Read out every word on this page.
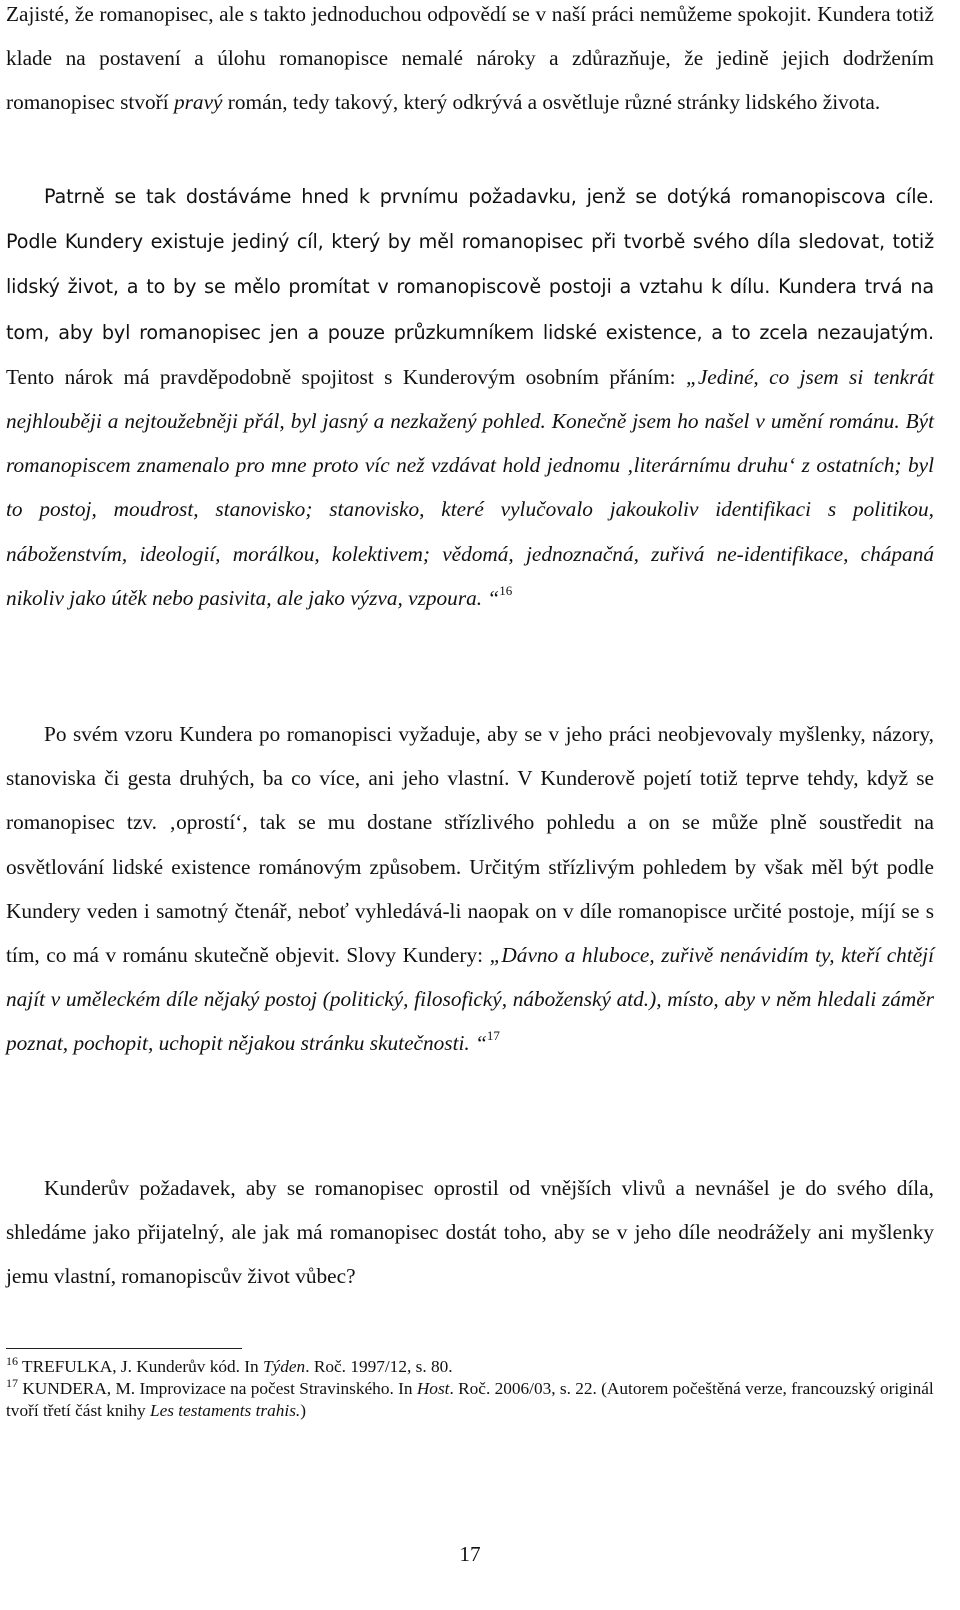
Zajisté, že romanopisec, ale s takto jednoduchou odpovědí se v naší práci nemůžeme spokojit. Kundera totiž klade na postavení a úlohu romanopisce nemalé nároky a zdůrazňuje, že jedině jejich dodržením romanopisec stvoří pravý román, tedy takový, který odkrývá a osvětluje různé stránky lidského života.

Patrně se tak dostáváme hned k prvnímu požadavku, jenž se dotýká romanopiscova cíle. Podle Kundery existuje jediný cíl, který by měl romanopisec při tvorbě svého díla sledovat, totiž lidský život, a to by se mělo promítat v romanopiscově postoji a vztahu k dílu. Kundera trvá na tom, aby byl romanopisec jen a pouze průzkumníkem lidské existence, a to zcela nezaujatým. Tento nárok má pravděpodobně spojitost s Kunderovým osobním přáním: „Jediné, co jsem si tenkrát nejhlouběji a nejtoužebněji přál, byl jasný a nezkažený pohled. Konečně jsem ho našel v umění románu. Být romanopiscem znamenalo pro mne proto víc než vzdávat hold jednomu ‚literárnímu druhu‘ z ostatních; byl to postoj, moudrost, stanovisko; stanovisko, které vylučovalo jakoukoliv identifikaci s politikou, náboženstvím, ideologií, morálkou, kolektivem; vědomá, jednoznačná, zuřivá ne-identifikace, chápaná nikoliv jako útěk nebo pasivita, ale jako výzva, vzpoura. “$^{16}$

Po svém vzoru Kundera po romanopisci vyžaduje, aby se v jeho práci neobjevovaly myšlenky, názory, stanoviska či gesta druhých, ba co více, ani jeho vlastní. V Kunderově pojetí totiž teprve tehdy, když se romanopisec tzv. ‚oprostí‘, tak se mu dostane střízlivého pohledu a on se může plně soustředit na osvětlování lidské existence románovým způsobem. Určitým střízlivým pohledem by však měl být podle Kundery veden i samotný čtenář, neboť vyhledává-li naopak on v díle romanopisce určité postoje, míjí se s tím, co má v románu skutečně objevit. Slovy Kundery: „Dávno a hluboce, zuřivě nenávidím ty, kteří chtějí najít v uměleckém díle nějaký postoj (politický, filosofický, náboženský atd.), místo, aby v něm hledali záměr poznat, pochopit, uchopit nějakou stránku skutečnosti. “$^{17}$

Kunderův požadavek, aby se romanopisec oprostil od vnějších vlivů a nevnášel je do svého díla, shledáme jako přijatelný, ale jak má romanopisec dostát toho, aby se v jeho díle neodrážely ani myšlenky jemu vlastní, romanopiscův život vůbec?

$^{16}$ TREFULKA, J. Kunderův kód. In Týden. Roč. 1997/12, s. 80.

$^{17}$ KUNDERA, M. Improvizace na počest Stravinského. In Host. Roč. 2006/03, s. 22. (Autorem počeštěná verze, francouzský originál tvoří třetí část knihy Les testaments trahis.)

17
